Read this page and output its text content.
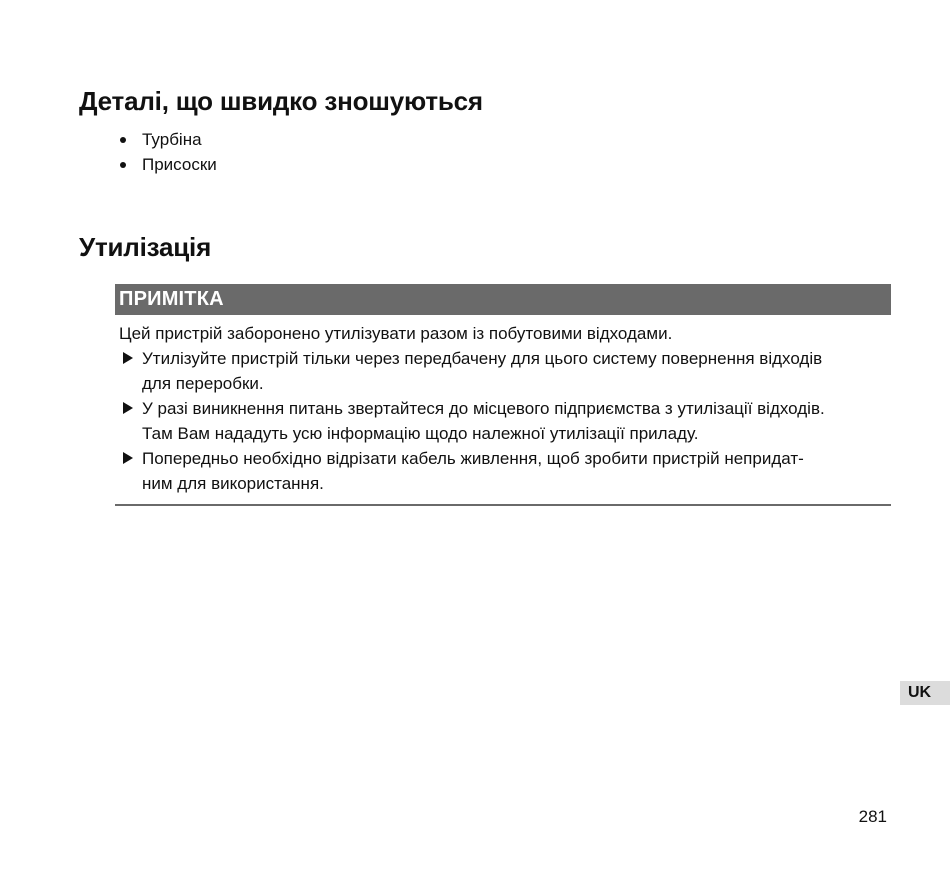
Деталі, що швидко зношуються
Турбіна
Присоски
Утилізація
ПРИМІТКА

Цей пристрій заборонено утилізувати разом із побутовими відходами.

Утилізуйте пристрій тільки через передбачену для цього систему повернення відходів
для переробки.
У разі виникнення питань звертайтеся до місцевого підприємства з утилізації відходів.
Там Вам нададуть усю інформацію щодо належної утилізації приладу.
Попередньо необхідно відрізати кабель живлення, щоб зробити пристрій непридат-
ним для використання.
UK
281
